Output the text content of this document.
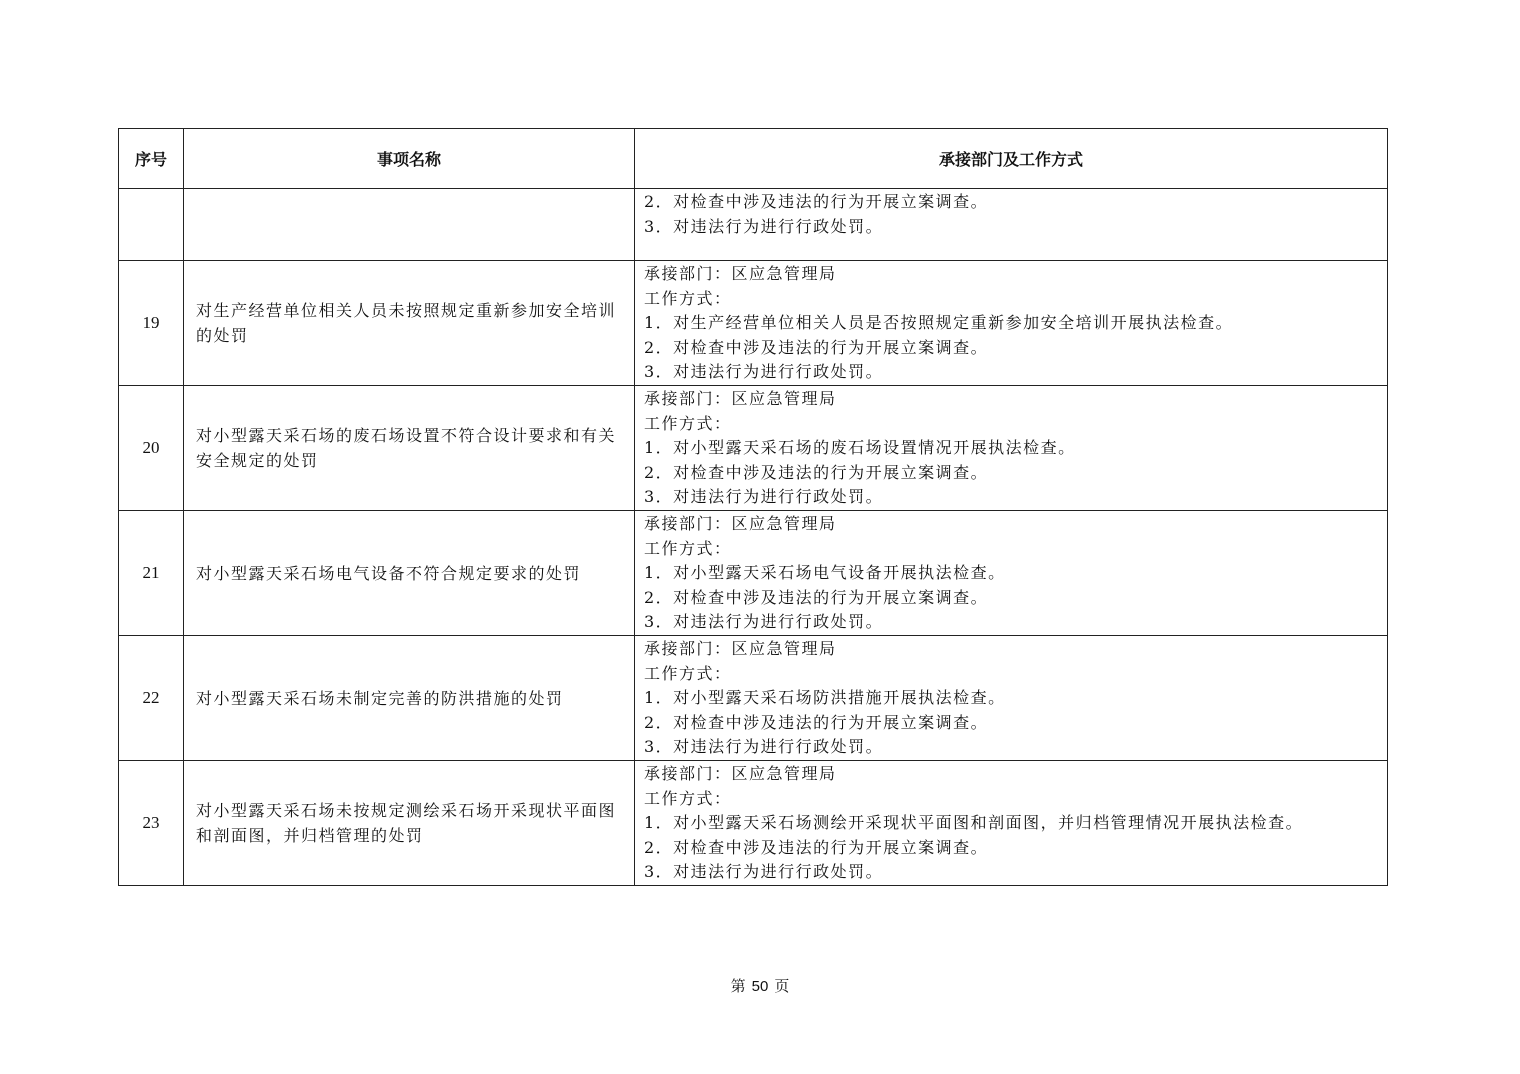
序号	事项名称	承接部门及工作方式

		2．对检查中涉及违法的行为开展立案调查。
3．对违法行为进行行政处罚。

19	对生产经营单位相关人员未按照规定重新参加安全培训的处罚	承接部门：区应急管理局
工作方式：
1．对生产经营单位相关人员是否按照规定重新参加安全培训开展执法检查。
2．对检查中涉及违法的行为开展立案调查。
3．对违法行为进行行政处罚。

20	对小型露天采石场的废石场设置不符合设计要求和有关安全规定的处罚	承接部门：区应急管理局
工作方式：
1．对小型露天采石场的废石场设置情况开展执法检查。
2．对检查中涉及违法的行为开展立案调查。
3．对违法行为进行行政处罚。

21	对小型露天采石场电气设备不符合规定要求的处罚	承接部门：区应急管理局
工作方式：
1．对小型露天采石场电气设备开展执法检查。
2．对检查中涉及违法的行为开展立案调查。
3．对违法行为进行行政处罚。

22	对小型露天采石场未制定完善的防洪措施的处罚	承接部门：区应急管理局
工作方式：
1．对小型露天采石场防洪措施开展执法检查。
2．对检查中涉及违法的行为开展立案调查。
3．对违法行为进行行政处罚。

23	对小型露天采石场未按规定测绘采石场开采现状平面图和剖面图，并归档管理的处罚	承接部门：区应急管理局
工作方式：
1．对小型露天采石场测绘开采现状平面图和剖面图，并归档管理情况开展执法检查。
2．对检查中涉及违法的行为开展立案调查。
3．对违法行为进行行政处罚。
第 50 页
